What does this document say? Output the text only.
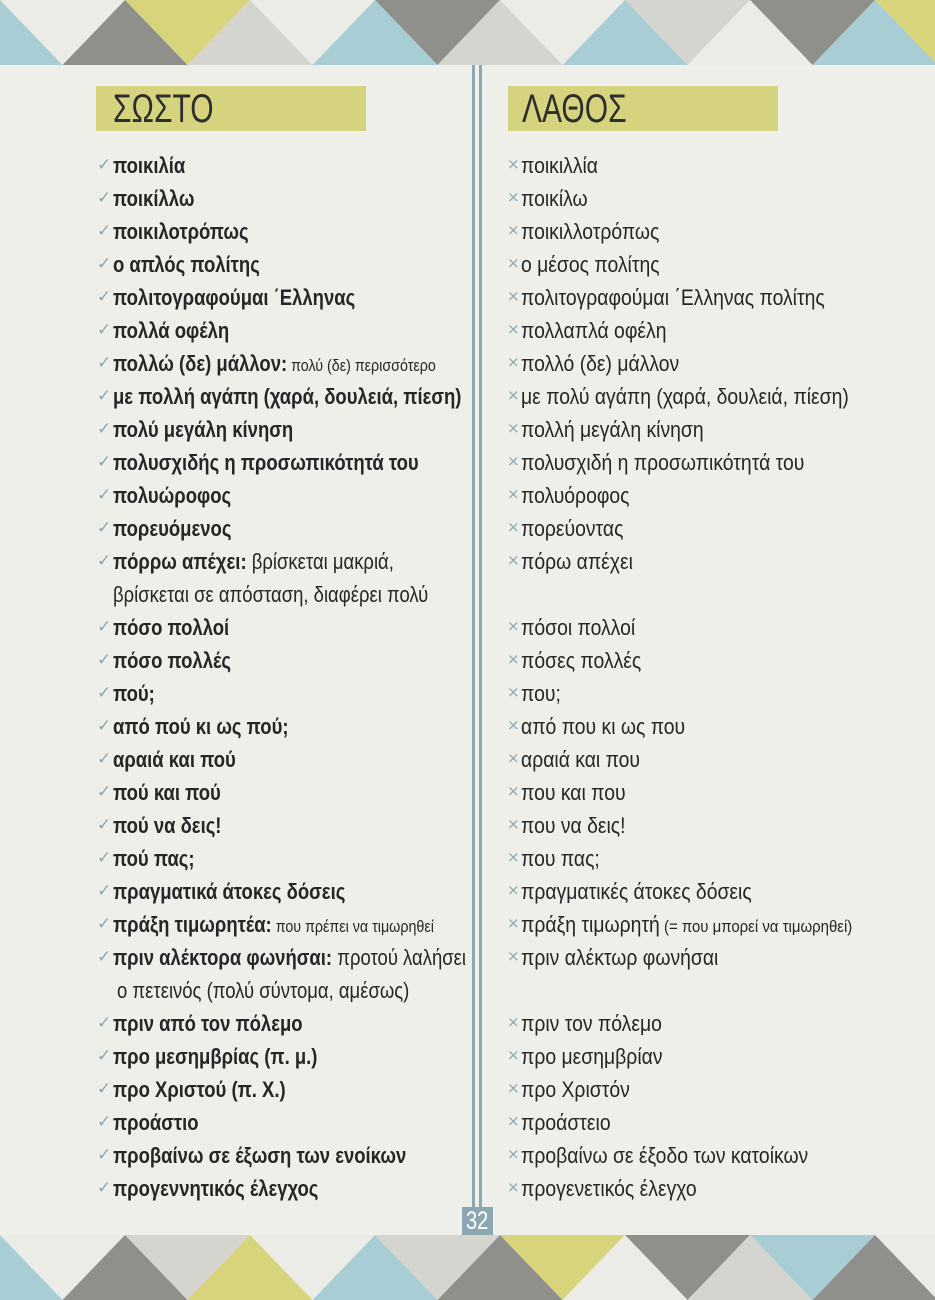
ΣΩΣΤΟ
✓ ποικιλία
✓ ποικίλλω
✓ ποικιλοτρόπως
✓ ο απλός πολίτης
✓ πολιτογραφούμαι ΄Ελληνας
✓ πολλά οφέλη
✓ πολλώ (δε) μάλλον: πολύ (δε) περισσότερο
✓ με πολλή αγάπη (χαρά, δουλειά, πίεση)
✓ πολύ μεγάλη κίνηση
✓ πολυσχιδής η προσωπικότητά του
✓ πολυώροφος
✓ πορευόμενος
✓ πόρρω απέχει: βρίσκεται μακριά,
βρίσκεται σε απόσταση, διαφέρει πολύ
✓ πόσο πολλοί
✓ πόσο πολλές
✓ πού;
✓ από πού κι ως πού;
✓ αραιά και πού
✓ πού και πού
✓ πού να δεις!
✓ πού πας;
✓ πραγματικά άτοκες δόσεις
✓ πράξη τιμωρητέα: που πρέπει να τιμωρηθεί
✓ πριν αλέκτορα φωνήσαι: προτού λαλήσει
ο πετεινός (πολύ σύντομα, αμέσως)
✓ πριν από τον πόλεμο
✓ προ μεσημβρίας (π. μ.)
✓ προ Χριστού (π. Χ.)
✓ προάστιο
✓ προβαίνω σε έξωση των ενοίκων
✓ προγεννητικός έλεγχος
ΛΑΘΟΣ
× ποικιλλία
× ποικίλω
× ποικιλλοτρόπως
× ο μέσος πολίτης
× πολιτογραφούμαι ΄Ελληνας πολίτης
× πολλαπλά οφέλη
× πολλό (δε) μάλλον
× με πολύ αγάπη (χαρά, δουλειά, πίεση)
× πολλή μεγάλη κίνηση
× πολυσχιδή η προσωπικότητά του
× πολυόροφος
× πορεύοντας
× πόρω απέχει
× πόσοι πολλοί
× πόσες πολλές
× που;
× από που κι ως που
× αραιά και που
× που και που
× που να δεις!
× που πας;
× πραγματικές άτοκες δόσεις
× πράξη τιμωρητή (= που μπορεί να τιμωρηθεί)
× πριν αλέκτωρ φωνήσαι
× πριν τον πόλεμο
× προ μεσημβρίαν
× προ Χριστόν
× προάστειο
× προβαίνω σε έξοδο των κατοίκων
× προγενετικός έλεγχο
32
